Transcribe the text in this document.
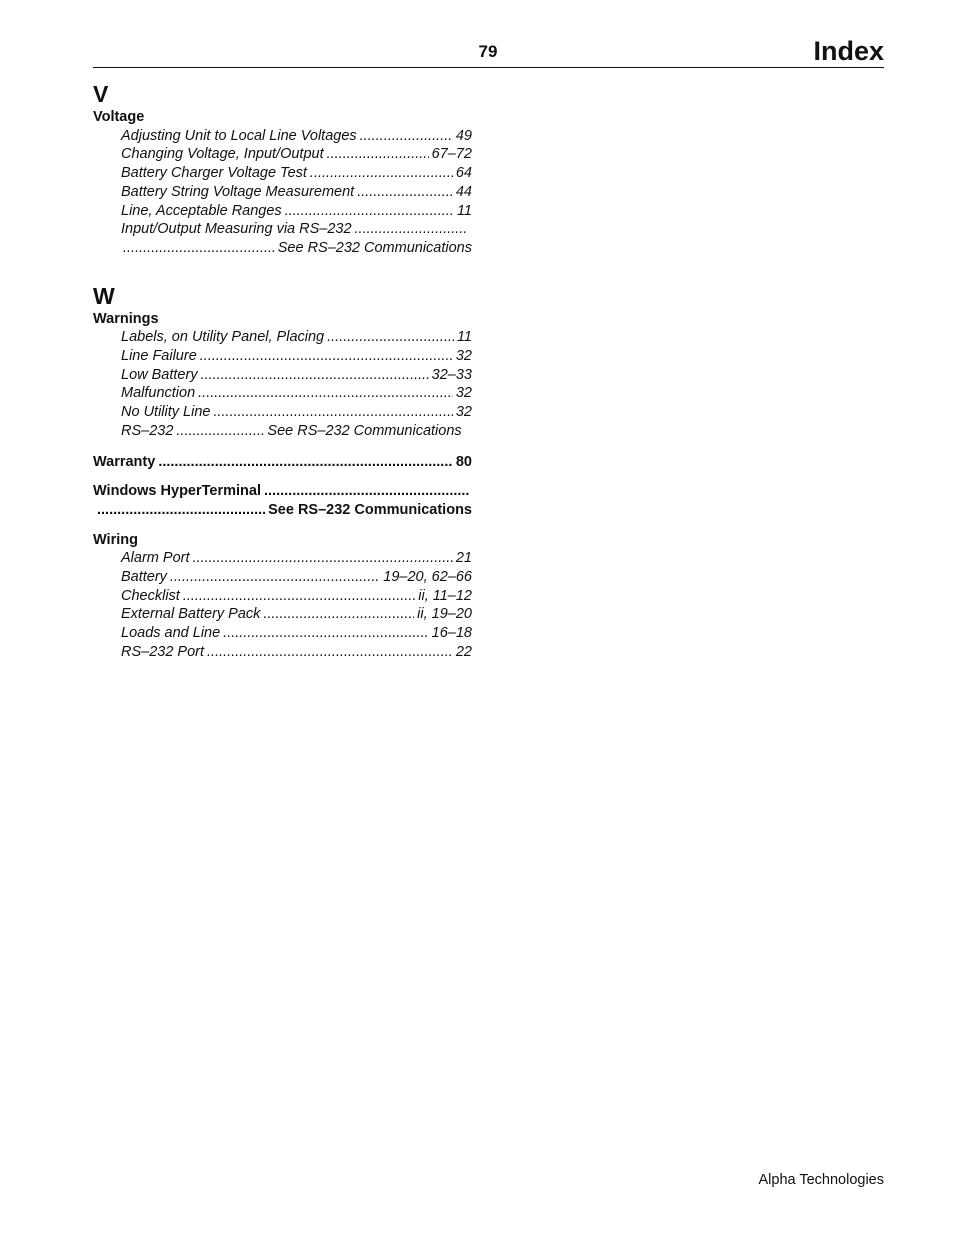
79	Index
V
Voltage
Adjusting Unit to Local Line Voltages .....	49
Changing Voltage, Input/Output .....	67–72
Battery Charger Voltage Test .....	64
Battery String Voltage Measurement .....	44
Line, Acceptable Ranges .....	11
Input/Output Measuring via RS–232
.....
.....
See RS–232 Communications
W
Warnings
Labels, on Utility Panel, Placing .....	11
Line Failure .....	32
Low Battery .....	32–33
Malfunction .....	32
No Utility Line .....	32
RS–232 .....	See RS–232 Communications
Warranty .....	80
Windows HyperTerminal
.....
.....
See RS–232 Communications
Wiring
Alarm Port .....	21
Battery .....	19–20, 62–66
Checklist .....	ii, 11–12
External Battery Pack .....	ii, 19–20
Loads and Line .....	16–18
RS–232 Port .....	22
Alpha Technologies
